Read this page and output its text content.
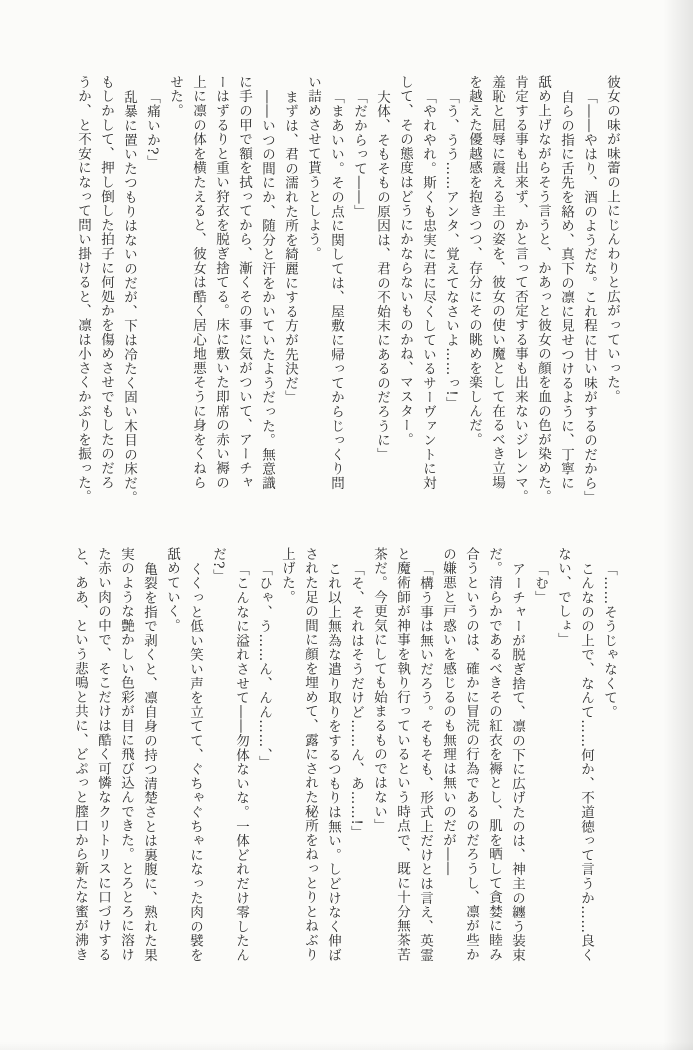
彼女の味が味蕾の上にじんわりと広がっていった。

「――やはり、酒のようだな。これ程に甘い味がするのだから」

自らの指に舌先を絡め、真下の凛に見せつけるように、丁寧に

舐め上げながらそう言うと、かあっと彼女の顔を血の色が染めた。

肯定する事も出来ず、かと言って否定する事も出来ないジレンマ。

羞恥と屈辱に震える主の姿を、彼女の使い魔として在るべき立場

を越えた優越感を抱きつつ、存分にその眺めを楽しんだ。

「う、うう……アンタ、覚えてなさいよ……っ!」

「やれやれ。斯くも忠実に君に尽くしているサーヴァントに対

して、その態度はどうにかならないものかね、マスター。

大体、そもそもの原因は、君の不始末にあるのだろうに」

「だからって――」

「まあいい。その点に関しては、屋敷に帰ってからじっくり問

い詰めさせて貰うとしよう。

まずは、君の濡れた所を綺麗にする方が先決だ」

――いつの間にか、随分と汗をかいていたようだった。無意識

に手の甲で額を拭ってから、漸くその事に気がついて、アーチャ

ーはずるりと重い狩衣を脱ぎ捨てる。床に敷いた即席の赤い褥の

上に凛の体を横たえると、彼女は酷く居心地悪そうに身をくねら

せた。

「痛いか?」

乱暴に置いたつもりはないのだが、下は冷たく固い木目の床だ。

もしかして、押し倒した拍子に何処かを傷めさせでもしたのだろ

うか、と不安になって問い掛けると、凛は小さくかぶりを振った。

「……そうじゃなくて。

こんなのの上で、なんて……何か、不道徳って言うか……良く

ない、でしょ」

「む」

アーチャーが脱ぎ捨て、凛の下に広げたのは、神主の纏う装束

だ。清らかであるべきその紅衣を褥とし、肌を晒して貪婪に睦み

合うというのは、確かに冒涜の行為であるのだろうし、凛が些か

の嫌悪と戸惑いを感じるのも無理は無いのだが――

「構う事は無いだろう。そもそも、形式上だけとは言え、英霊

と魔術師が神事を執り行っているという時点で、既に十分無茶苦

茶だ。今更気にしても始まるものではない」

「そ、それはそうだけど……ん、あ……!」

これ以上無為な遣り取りをするつもりは無い。しどけなく伸ば

された足の間に顔を埋めて、露にされた秘所をねっとりとねぶり

上げた。

「ひゃ、う……ん、んん……、」

「こんなに溢れさせて――勿体ないな。一体どれだけ零したん

だ?」

くくっと低い笑い声を立てて、ぐちゃぐちゃになった肉の襞を

舐めていく。

亀裂を指で剥くと、凛自身の持つ清楚さとは裏腹に、熟れた果

実のような艶かしい色彩が目に飛び込んできた。とろとろに溶け

た赤い肉の中で、そこだけは酷く可憐なクリトリスに口づけする

と、ああ、という悲鳴と共に、どぷっと膣口から新たな蜜が沸き
